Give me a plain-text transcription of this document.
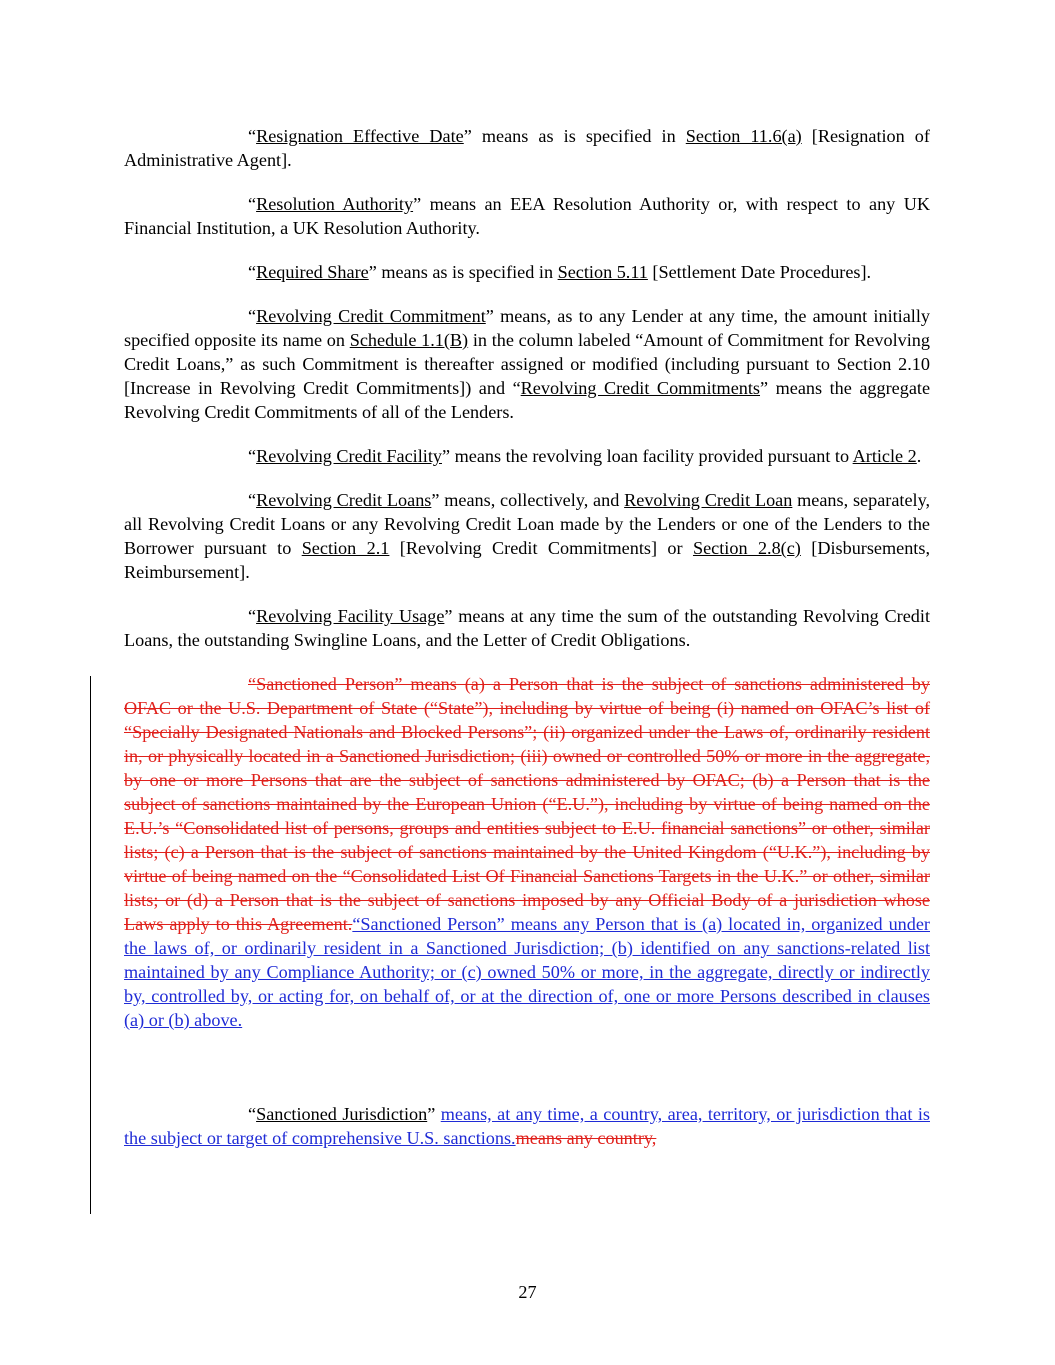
“Resignation Effective Date” means as is specified in Section 11.6(a) [Resignation of Administrative Agent].

“Resolution Authority” means an EEA Resolution Authority or, with respect to any UK Financial Institution, a UK Resolution Authority.

“Required Share” means as is specified in Section 5.11 [Settlement Date Procedures].

“Revolving Credit Commitment” means, as to any Lender at any time, the amount initially specified opposite its name on Schedule 1.1(B) in the column labeled “Amount of Commitment for Revolving Credit Loans,” as such Commitment is thereafter assigned or modified (including pursuant to Section 2.10 [Increase in Revolving Credit Commitments]) and “Revolving Credit Commitments” means the aggregate Revolving Credit Commitments of all of the Lenders.

“Revolving Credit Facility” means the revolving loan facility provided pursuant to Article 2.

“Revolving Credit Loans” means, collectively, and Revolving Credit Loan means, separately, all Revolving Credit Loans or any Revolving Credit Loan made by the Lenders or one of the Lenders to the Borrower pursuant to Section 2.1 [Revolving Credit Commitments] or Section 2.8(c) [Disbursements, Reimbursement].

“Revolving Facility Usage” means at any time the sum of the outstanding Revolving Credit Loans, the outstanding Swingline Loans, and the Letter of Credit Obligations.

“Sanctioned Person” means (a) a Person that is the subject of sanctions administered by OFAC or the U.S. Department of State (“State”), including by virtue of being (i) named on OFAC’s list of “Specially Designated Nationals and Blocked Persons”; (ii) organized under the Laws of, ordinarily resident in, or physically located in a Sanctioned Jurisdiction; (iii) owned or controlled 50% or more in the aggregate, by one or more Persons that are the subject of sanctions administered by OFAC; (b) a Person that is the subject of sanctions maintained by the European Union (“E.U.”), including by virtue of being named on the E.U.’s “Consolidated list of persons, groups and entities subject to E.U. financial sanctions” or other, similar lists; (c) a Person that is the subject of sanctions maintained by the United Kingdom (“U.K.”), including by virtue of being named on the “Consolidated List Of Financial Sanctions Targets in the U.K.” or other, similar lists; or (d) a Person that is the subject of sanctions imposed by any Official Body of a jurisdiction whose Laws apply to this Agreement.“Sanctioned Person” means any Person that is (a) located in, organized under the laws of, or ordinarily resident in a Sanctioned Jurisdiction; (b) identified on any sanctions-related list maintained by any Compliance Authority; or (c) owned 50% or more, in the aggregate, directly or indirectly by, controlled by, or acting for, on behalf of, or at the direction of, one or more Persons described in clauses (a) or (b) above.

“Sanctioned Jurisdiction” means, at any time, a country, area, territory, or jurisdiction that is the subject or target of comprehensive U.S. sanctions.means any country,

27
